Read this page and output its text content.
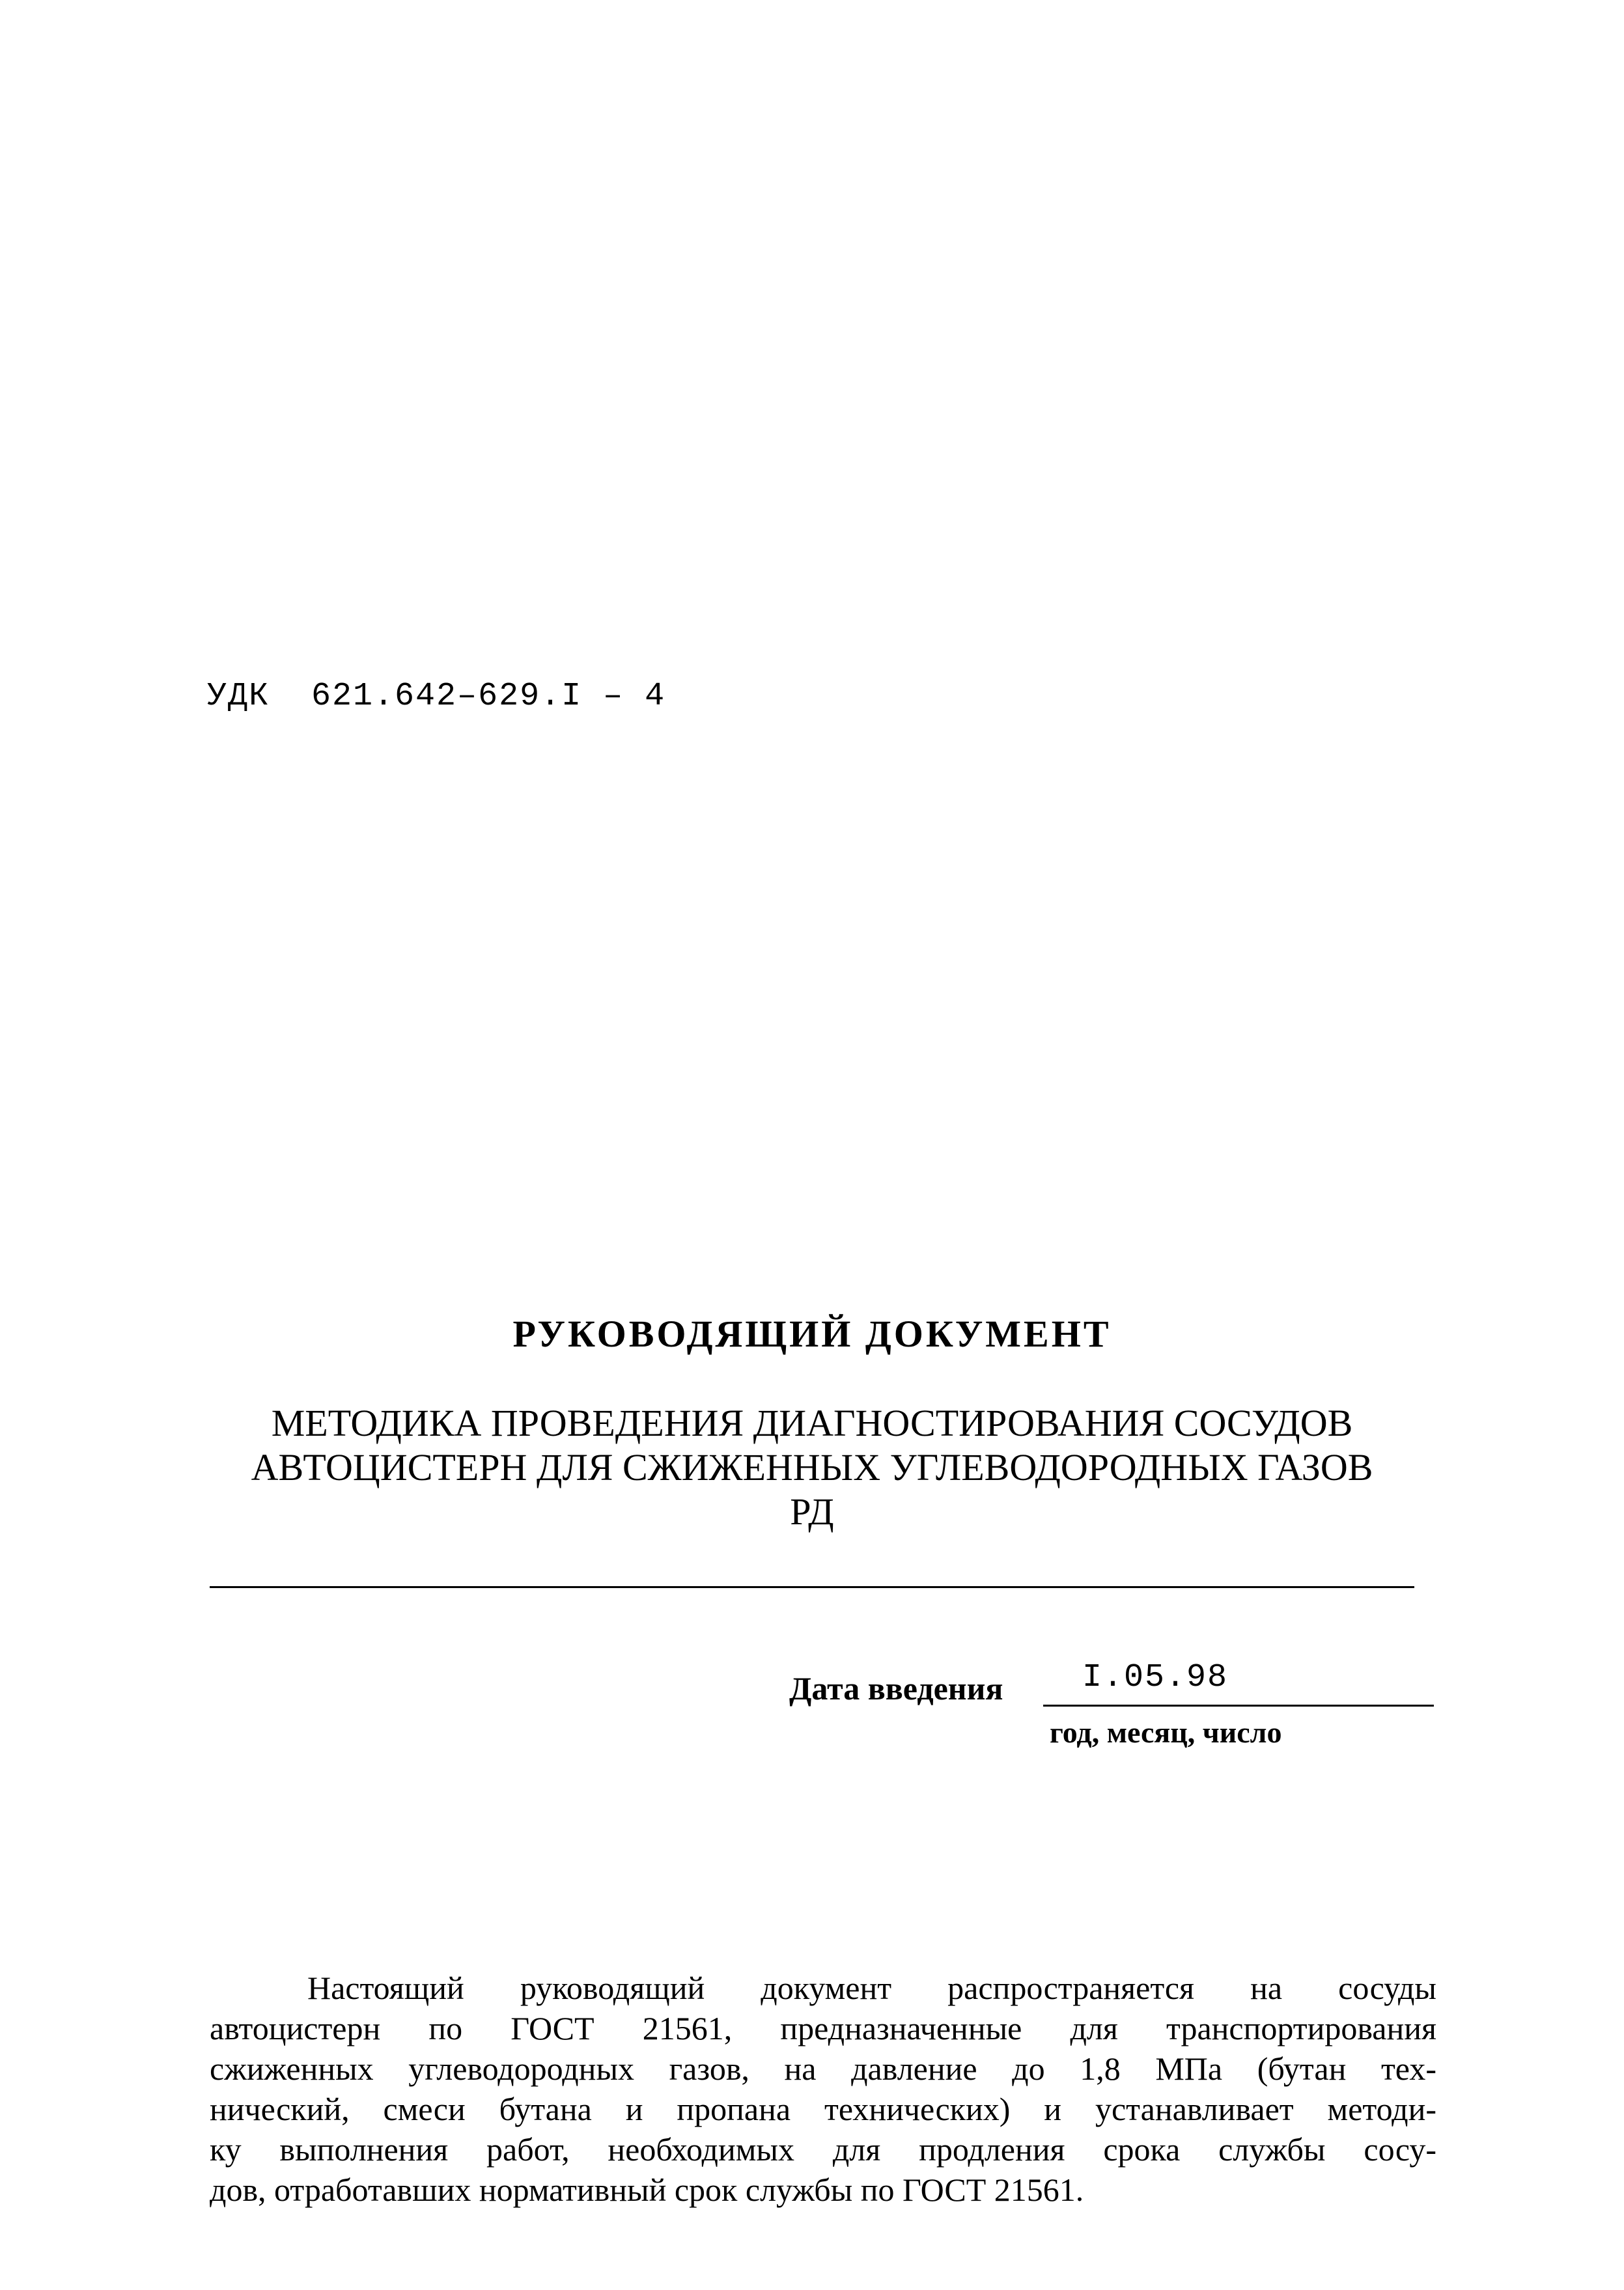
УДК  621.642–629.I – 4
РУКОВОДЯЩИЙ ДОКУМЕНТ
МЕТОДИКА ПРОВЕДЕНИЯ ДИАГНОСТИРОВАНИЯ СОСУДОВ
АВТОЦИСТЕРН ДЛЯ СЖИЖЕННЫХ УГЛЕВОДОРОДНЫХ ГАЗОВ
РД
Дата введения I.05.98
год, месяц, число
Настоящий руководящий документ распространяется на сосуды
автоцистерн по ГОСТ 21561, предназначенные для транспортирования
сжиженных углеводородных газов, на давление до 1,8 МПа (бутан тех-
нический, смеси бутана и пропана технических) и устанавливает методи-
ку выполнения работ, необходимых для продления срока службы сосу-
дов, отработавших нормативный срок службы по ГОСТ 21561.
